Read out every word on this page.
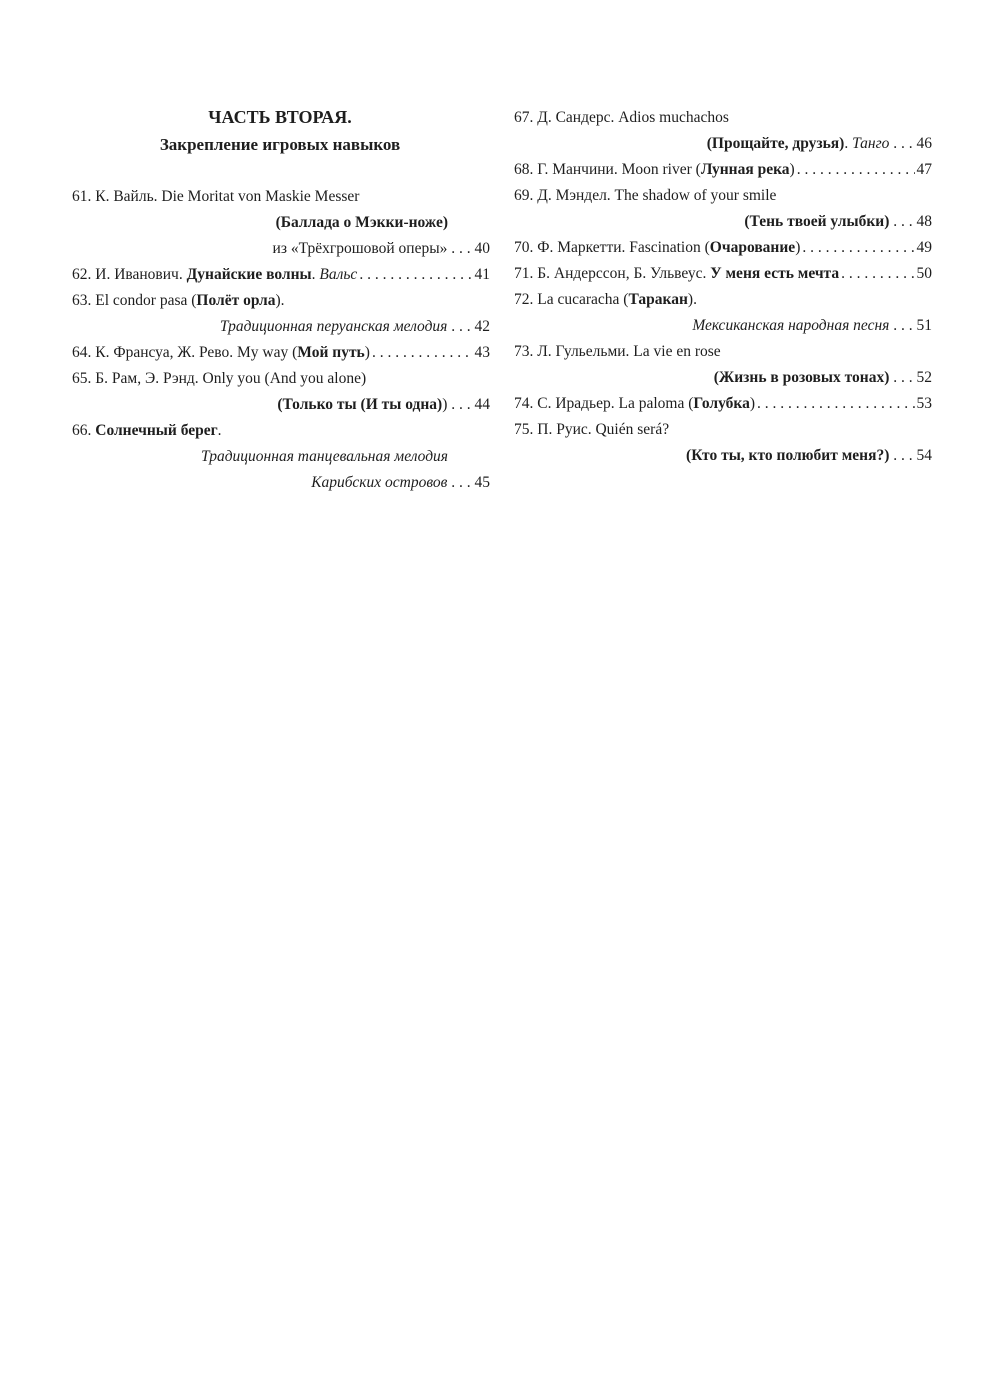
ЧАСТЬ ВТОРАЯ.
Закрепление игровых навыков
61. К. Вайль. Die Moritat von Maskie Messer
(Баллада о Мэкки-ноже)
из «Трёхгрошовой оперы» . . . 40
62. И. Иванович.
Дунайские волны . Вальс . . .	41
63. El condor pasa ( Полёт орла ).
Традиционная перуанская мелодия . . . 42
64. К. Франсуа, Ж. Рево. My way ( Мой путь ) . . .	43
65. Б. Рам, Э. Рэнд. Only you (And you alone)
(Только ты (И ты одна) ) . . . 44
66.
Солнечный берег .
Традиционная танцевальная мелодия
Карибских островов . . . 45
67. Д. Сандерс. Adios muchachos
(Прощайте, друзья) . Танго . . . 46
68. Г. Манчини. Moon river ( Лунная река ) . . .	47
69. Д. Мэндел. The shadow of your smile
(Тень твоей улыбки) . . . 48
70. Ф. Маркетти. Fascination ( Очарование ) . . .	49
71. Б. Андерссон, Б. Ульвеус.
У меня есть мечта . . .	50
72. La cucaracha ( Таракан ).
Мексиканская народная песня . . . 51
73. Л. Гульельми. La vie en rose
(Жизнь в розовых тонах) . . . 52
74. С. Ирадьер. La paloma ( Голубка ) . . .	53
75. П. Руис. Quién será?
(Кто ты, кто полюбит меня?) . . . 54
